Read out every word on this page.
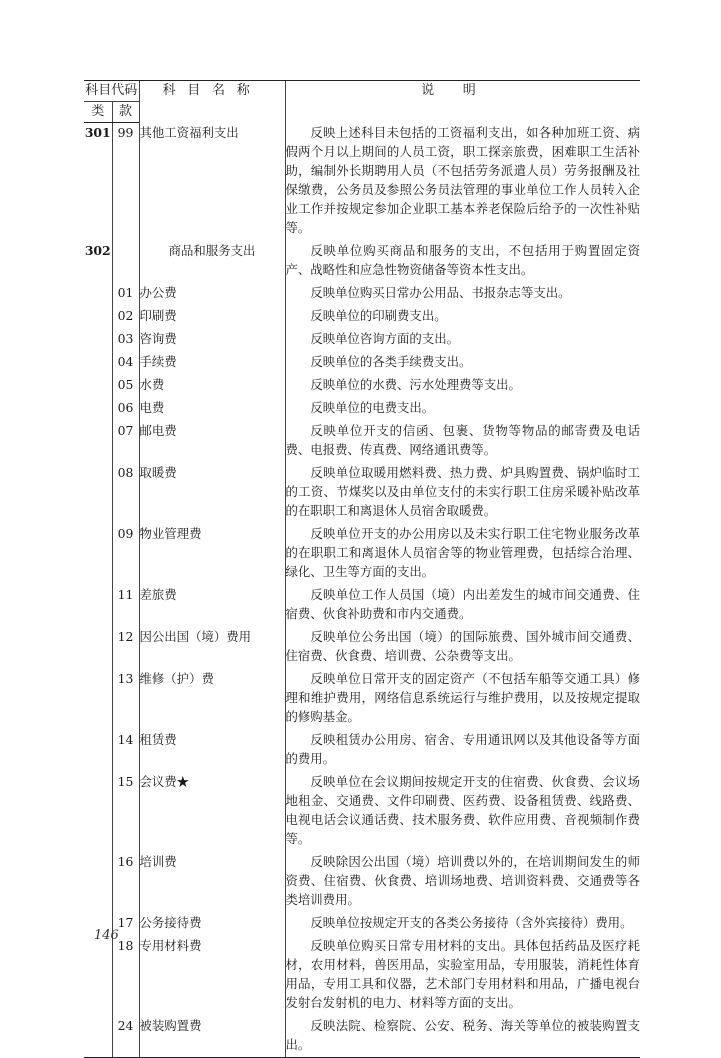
科目代码		科目名称	说明
类	款		
301	99	其他工资福利支出	反映上述科目未包括的工资福利支出，如各种加班工资、病假两个月以上期间的人员工资，职工探亲旅费，困难职工生活补助，编制外长期聘用人员（不包括劳务派遣人员）劳务报酬及社保缴费，公务员及参照公务员法管理的事业单位工作人员转入企业工作并按规定参加企业职工基本养老保险后给予的一次性补贴等。
302		商品和服务支出	反映单位购买商品和服务的支出，不包括用于购置固定资产、战略性和应急性物资储备等资本性支出。
	01	办公费	反映单位购买日常办公用品、书报杂志等支出。
	02	印刷费	反映单位的印刷费支出。
	03	咨询费	反映单位咨询方面的支出。
	04	手续费	反映单位的各类手续费支出。
	05	水费	反映单位的水费、污水处理费等支出。
	06	电费	反映单位的电费支出。
	07	邮电费	反映单位开支的信函、包裹、货物等物品的邮寄费及电话费、电报费、传真费、网络通讯费等。
	08	取暖费	反映单位取暖用燃料费、热力费、炉具购置费、锅炉临时工的工资、节煤奖以及由单位支付的未实行职工住房采暖补贴改革的在职职工和离退休人员宿舍取暖费。
	09	物业管理费	反映单位开支的办公用房以及未实行职工住宅物业服务改革的在职职工和离退休人员宿舍等的物业管理费，包括综合治理、绿化、卫生等方面的支出。
	11	差旅费	反映单位工作人员国（境）内出差发生的城市间交通费、住宿费、伙食补助费和市内交通费。
	12	因公出国（境）费用	反映单位公务出国（境）的国际旅费、国外城市间交通费、住宿费、伙食费、培训费、公杂费等支出。
	13	维修（护）费	反映单位日常开支的固定资产（不包括车船等交通工具）修理和维护费用，网络信息系统运行与维护费用，以及按规定提取的修购基金。
	14	租赁费	反映租赁办公用房、宿舍、专用通讯网以及其他设备等方面的费用。
	15	会议费★	反映单位在会议期间按规定开支的住宿费、伙食费、会议场地租金、交通费、文件印刷费、医药费、设备租赁费、线路费、电视电话会议通话费、技术服务费、软件应用费、音视频制作费等。
	16	培训费	反映除因公出国（境）培训费以外的，在培训期间发生的师资费、住宿费、伙食费、培训场地费、培训资料费、交通费等各类培训费用。
	17	公务接待费	反映单位按规定开支的各类公务接待（含外宾接待）费用。
	18	专用材料费	反映单位购买日常专用材料的支出。具体包括药品及医疗耗材，农用材料，兽医用品，实验室用品，专用服装，消耗性体育用品，专用工具和仪器，艺术部门专用材料和用品，广播电视台发射台发射机的电力、材料等方面的支出。
	24	被装购置费	反映法院、检察院、公安、税务、海关等单位的被装购置支出。
146
